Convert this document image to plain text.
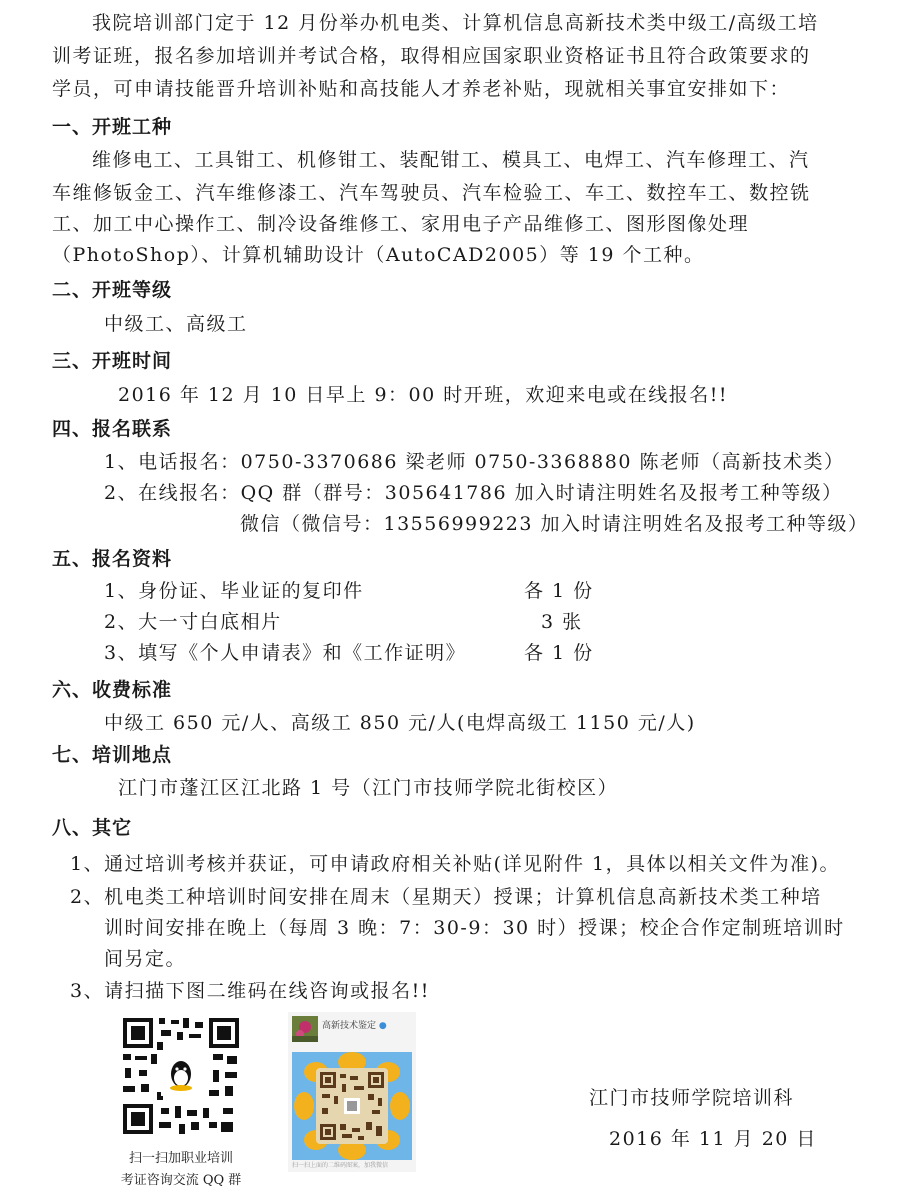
我院培训部门定于 12 月份举办机电类、计算机信息高新技术类中级工/高级工培
训考证班，报名参加培训并考试合格，取得相应国家职业资格证书且符合政策要求的
学员，可申请技能晋升培训补贴和高技能人才养老补贴，现就相关事宜安排如下：
一、开班工种
维修电工、工具钳工、机修钳工、装配钳工、模具工、电焊工、汽车修理工、汽
车维修钣金工、汽车维修漆工、汽车驾驶员、汽车检验工、车工、数控车工、数控铣
工、加工中心操作工、制冷设备维修工、家用电子产品维修工、图形图像处理
（PhotoShop）、计算机辅助设计（AutoCAD2005）等 19 个工种。
二、开班等级
中级工、高级工
三、开班时间
2016 年 12 月 10 日早上 9：00 时开班，欢迎来电或在线报名!!
四、报名联系
1、电话报名：0750-3370686 梁老师 0750-3368880 陈老师（高新技术类）
2、在线报名：QQ 群（群号：305641786 加入时请注明姓名及报考工种等级）
微信（微信号：13556999223 加入时请注明姓名及报考工种等级）
五、报名资料
1、身份证、毕业证的复印件	各 1 份
2、大一寸白底相片	3 张
3、填写《个人申请表》和《工作证明》	各 1 份
六、收费标准
中级工 650 元/人、高级工 850 元/人(电焊高级工 1150 元/人)
七、培训地点
江门市蓬江区江北路 1 号（江门市技师学院北街校区）
八、其它
1、通过培训考核并获证，可申请政府相关补贴(详见附件 1，具体以相关文件为准)。
2、机电类工种培训时间安排在周末（星期天）授课；计算机信息高新技术类工种培
训时间安排在晚上（每周 3 晚：7：30-9：30 时）授课；校企合作定制班培训时
间另定。
3、请扫描下图二维码在线咨询或报名!!
扫一扫加职业培训
考证咨询交流 QQ 群
高新技术鉴定 ●
扫一扫上面的二维码图案，加我微信
江门市技师学院培训科
2016 年 11 月 20 日
